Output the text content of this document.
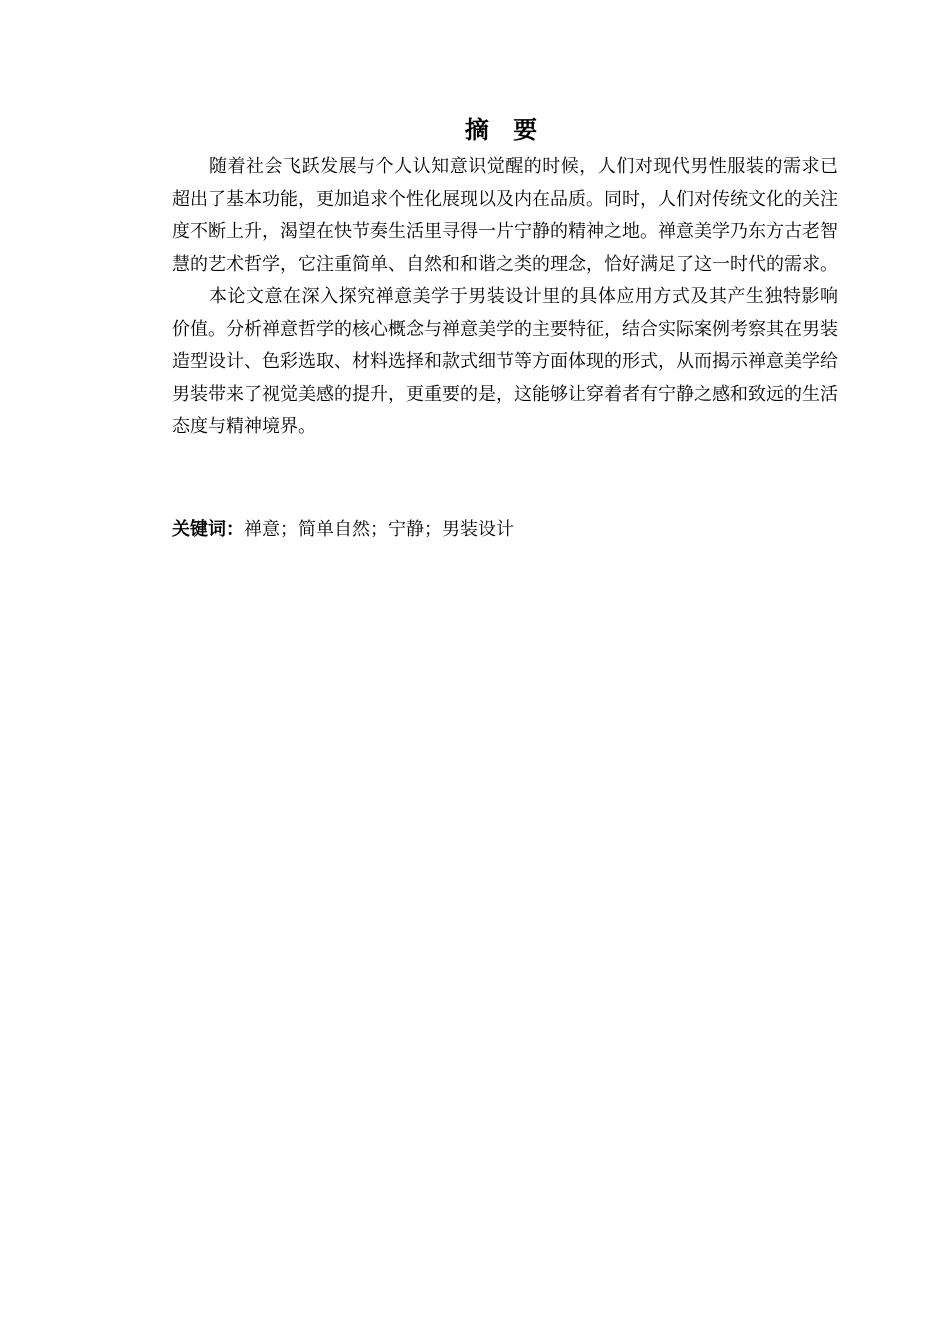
摘 要

随着社会飞跃发展与个人认知意识觉醒的时候，人们对现代男性服装的需求已超出了基本功能，更加追求个性化展现以及内在品质。同时，人们对传统文化的关注度不断上升，渴望在快节奏生活里寻得一片宁静的精神之地。禅意美学乃东方古老智慧的艺术哲学，它注重简单、自然和和谐之类的理念，恰好满足了这一时代的需求。

本论文意在深入探究禅意美学于男装设计里的具体应用方式及其产生独特影响价值。分析禅意哲学的核心概念与禅意美学的主要特征，结合实际案例考察其在男装造型设计、色彩选取、材料选择和款式细节等方面体现的形式，从而揭示禅意美学给男装带来了视觉美感的提升，更重要的是，这能够让穿着者有宁静之感和致远的生活态度与精神境界。

关键词：禅意；简单自然；宁静；男装设计
